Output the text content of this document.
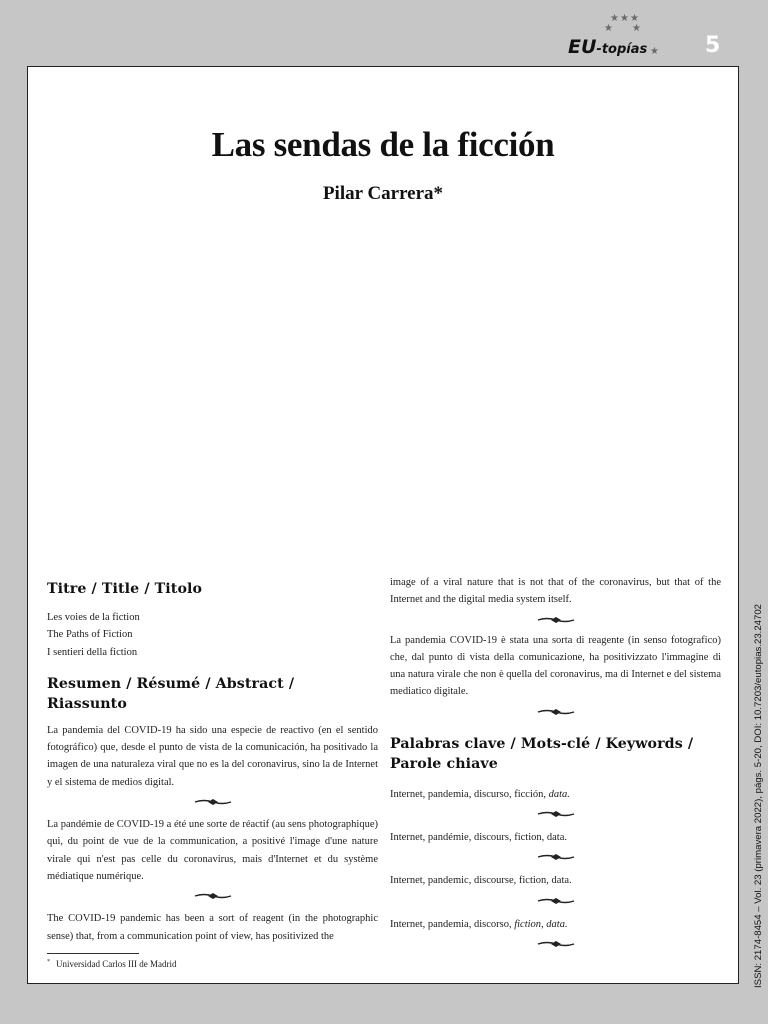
★★★
★ ★
EU-topías ★ 5
Las sendas de la ficción
Pilar Carrera*
Titre / Title / Titolo

Les voies de la fiction

The Paths of Fiction

I sentieri della fiction

Resumen / Résumé / Abstract / Riassunto

La pandemia del COVID-19 ha sido una especie de reactivo (en el sentido fotográfico) que, desde el punto de vista de la comunicación, ha positivado la imagen de una naturaleza viral que no es la del coronavirus, sino la de Internet y el sistema de medios digital.

La pandémie de COVID-19 a été une sorte de réactif (au sens photographique) qui, du point de vue de la communication, a positivé l'image d'une nature virale qui n'est pas celle du coronavirus, mais d'Internet et du système médiatique numérique.

The COVID-19 pandemic has been a sort of reagent (in the photographic sense) that, from a communication point of view, has positivized the

image of a viral nature that is not that of the coronavirus, but that of the Internet and the digital media system itself.

La pandemia COVID-19 è stata una sorta di reagente (in senso fotografico) che, dal punto di vista della comunicazione, ha positivizzato l'immagine di una natura virale che non è quella del coronavirus, ma di Internet e del sistema mediatico digitale.

Palabras clave / Mots-clé / Keywords / Parole chiave

Internet, pandemia, discurso, ficción, data.

Internet, pandémie, discours, fiction, data.

Internet, pandemic, discourse, fiction, data.

Internet, pandemia, discorso, fiction, data.

* Universidad Carlos III de Madrid	ISSN: 2174-8454 – Vol. 23 (primavera 2022), págs. 5-20, DOI: 10.7203/eutopias.23.24702
